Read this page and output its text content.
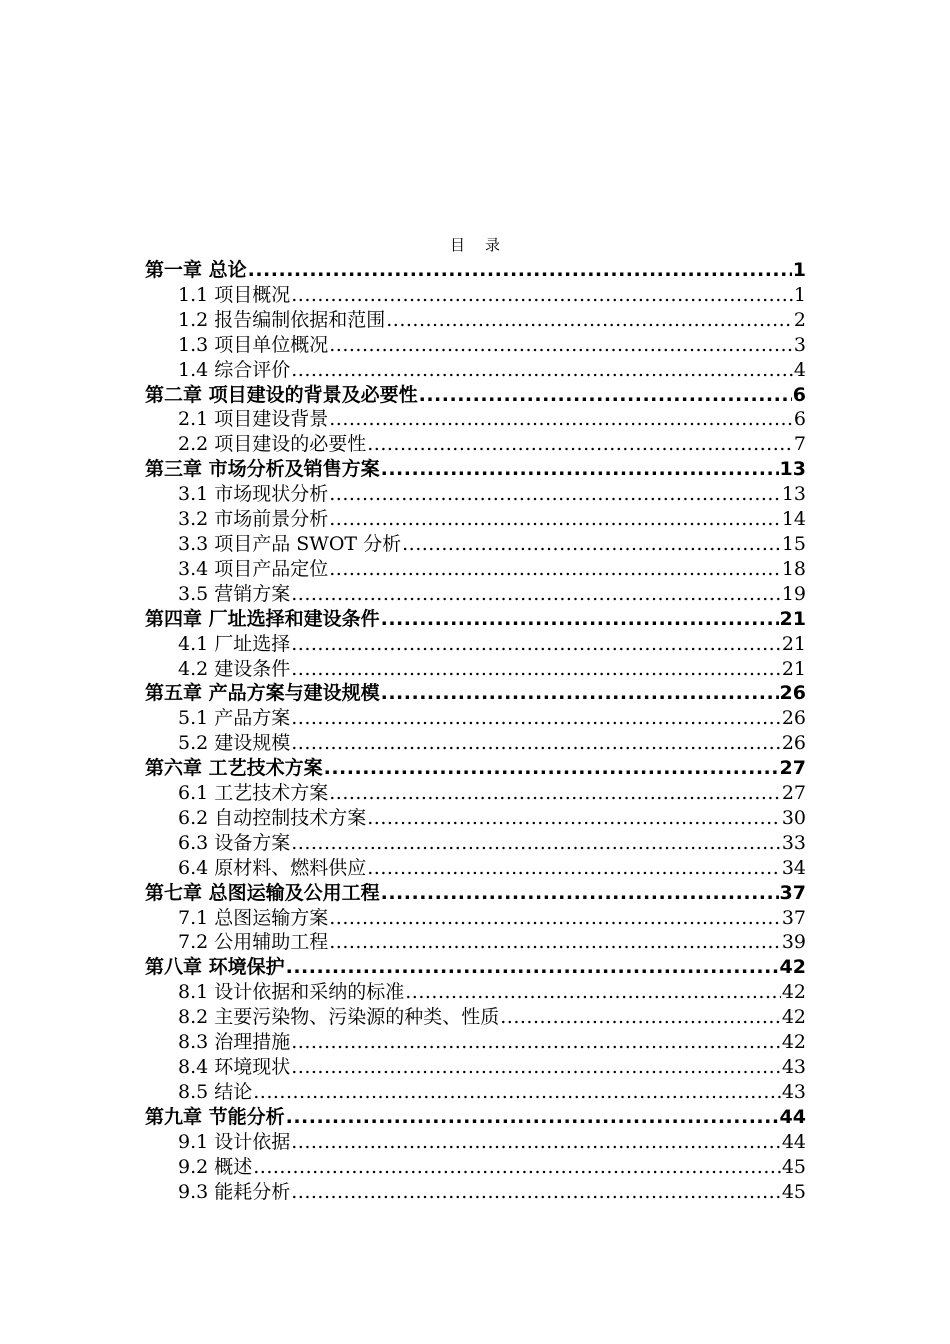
目录
第一章 总论 .....	1
1.1 项目概况 .....	1
1.2 报告编制依据和范围 .....	2
1.3 项目单位概况 .....	3
1.4 综合评价 .....	4
第二章 项目建设的背景及必要性 .....	6
2.1 项目建设背景 .....	6
2.2 项目建设的必要性 .....	7
第三章 市场分析及销售方案 .....	13
3.1 市场现状分析 .....	13
3.2 市场前景分析 .....	14
3.3 项目产品 SWOT 分析 .....	15
3.4 项目产品定位 .....	18
3.5 营销方案 .....	19
第四章 厂址选择和建设条件 .....	21
4.1 厂址选择 .....	21
4.2 建设条件 .....	21
第五章 产品方案与建设规模 .....	26
5.1 产品方案 .....	26
5.2 建设规模 .....	26
第六章 工艺技术方案 .....	27
6.1 工艺技术方案 .....	27
6.2 自动控制技术方案 .....	30
6.3 设备方案 .....	33
6.4 原材料、燃料供应 .....	34
第七章 总图运输及公用工程 .....	37
7.1 总图运输方案 .....	37
7.2 公用辅助工程 .....	39
第八章 环境保护 .....	42
8.1 设计依据和采纳的标准 .....	42
8.2 主要污染物、污染源的种类、性质 .....	42
8.3 治理措施 .....	42
8.4 环境现状 .....	43
8.5 结论 .....	43
第九章 节能分析 .....	44
9.1 设计依据 .....	44
9.2 概述 .....	45
9.3 能耗分析 .....	45
